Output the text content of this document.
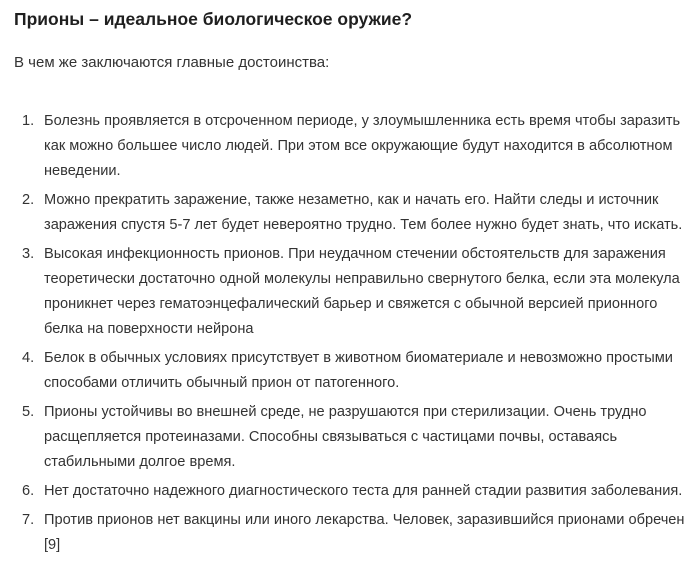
Прионы – идеальное биологическое оружие?

В чем же заключаются главные достоинства:

1. Болезнь проявляется в отсроченном периоде, у злоумышленника есть время чтобы заразить как можно большее число людей. При этом все окружающие будут находится в абсолютном неведении.
2. Можно прекратить заражение, также незаметно, как и начать его. Найти следы и источник заражения спустя 5-7 лет будет невероятно трудно. Тем более нужно будет знать, что искать.
3. Высокая инфекционность прионов. При неудачном стечении обстоятельств для заражения теоретически достаточно одной молекулы неправильно свернутого белка, если эта молекула проникнет через гематоэнцефалический барьер и свяжется с обычной версией прионного белка на поверхности нейрона
4. Белок в обычных условиях присутствует в животном биоматериале и невозможно простыми способами отличить обычный прион от патогенного.
5. Прионы устойчивы во внешней среде, не разрушаются при стерилизации. Очень трудно расщепляется протеиназами. Способны связываться с частицами почвы, оставаясь стабильными долгое время.
6. Нет достаточно надежного диагностического теста для ранней стадии развития заболевания.
7. Против прионов нет вакцины или иного лекарства. Человек, заразившийся прионами обречен [9]
